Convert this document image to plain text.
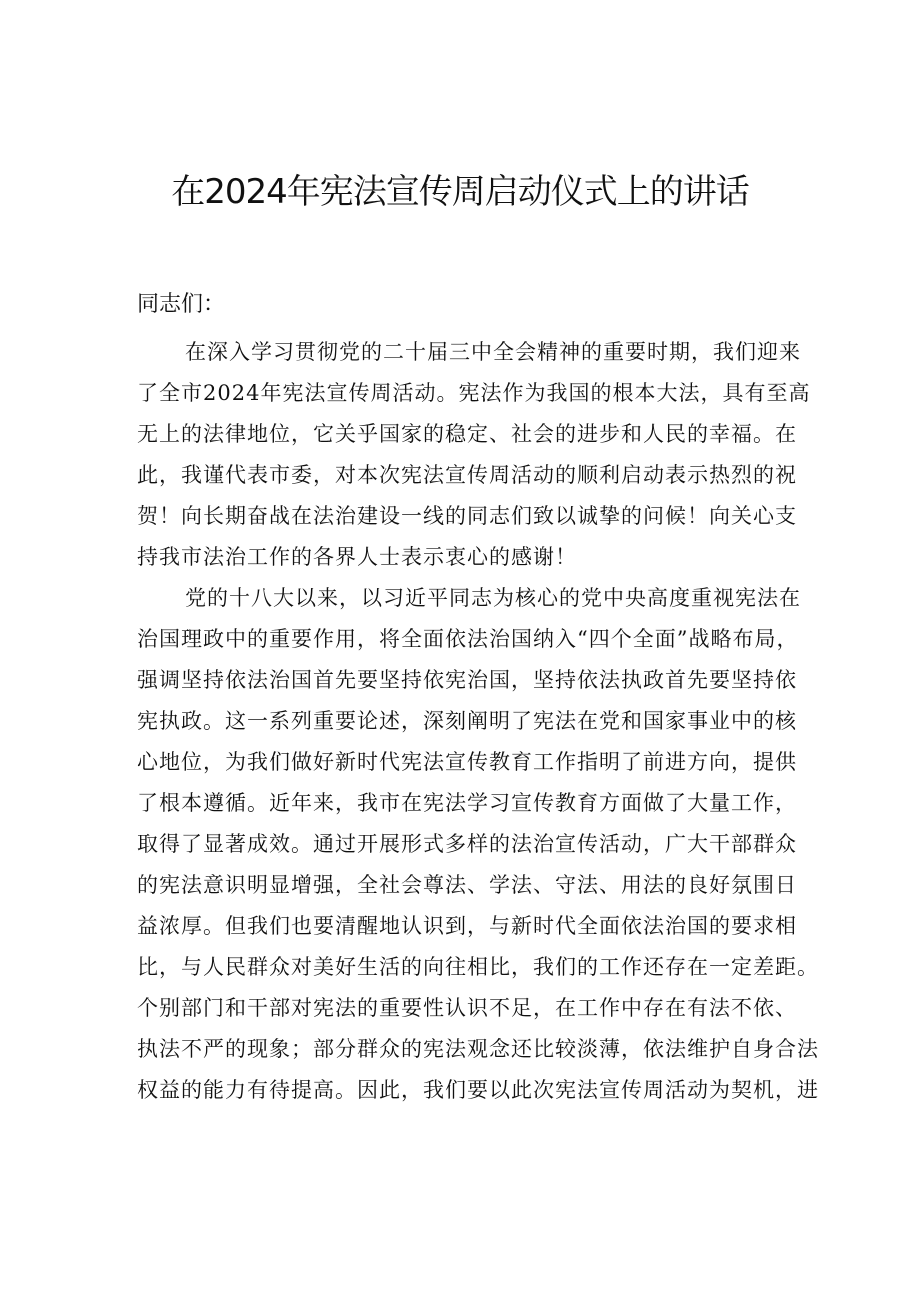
在2024年宪法宣传周启动仪式上的讲话
同志们：
在深入学习贯彻党的二十届三中全会精神的重要时期，我们迎来
了全市2024年宪法宣传周活动。宪法作为我国的根本大法，具有至高
无上的法律地位，它关乎国家的稳定、社会的进步和人民的幸福。在
此，我谨代表市委，对本次宪法宣传周活动的顺利启动表示热烈的祝
贺！向长期奋战在法治建设一线的同志们致以诚挚的问候！向关心支
持我市法治工作的各界人士表示衷心的感谢！
党的十八大以来，以习近平同志为核心的党中央高度重视宪法在
治国理政中的重要作用，将全面依法治国纳入“四个全面”战略布局，
强调坚持依法治国首先要坚持依宪治国，坚持依法执政首先要坚持依
宪执政。这一系列重要论述，深刻阐明了宪法在党和国家事业中的核
心地位，为我们做好新时代宪法宣传教育工作指明了前进方向，提供
了根本遵循。近年来，我市在宪法学习宣传教育方面做了大量工作，
取得了显著成效。通过开展形式多样的法治宣传活动，广大干部群众
的宪法意识明显增强，全社会尊法、学法、守法、用法的良好氛围日
益浓厚。但我们也要清醒地认识到，与新时代全面依法治国的要求相
比，与人民群众对美好生活的向往相比，我们的工作还存在一定差距。
个别部门和干部对宪法的重要性认识不足，在工作中存在有法不依、
执法不严的现象；部分群众的宪法观念还比较淡薄，依法维护自身合法
权益的能力有待提高。因此，我们要以此次宪法宣传周活动为契机，进
